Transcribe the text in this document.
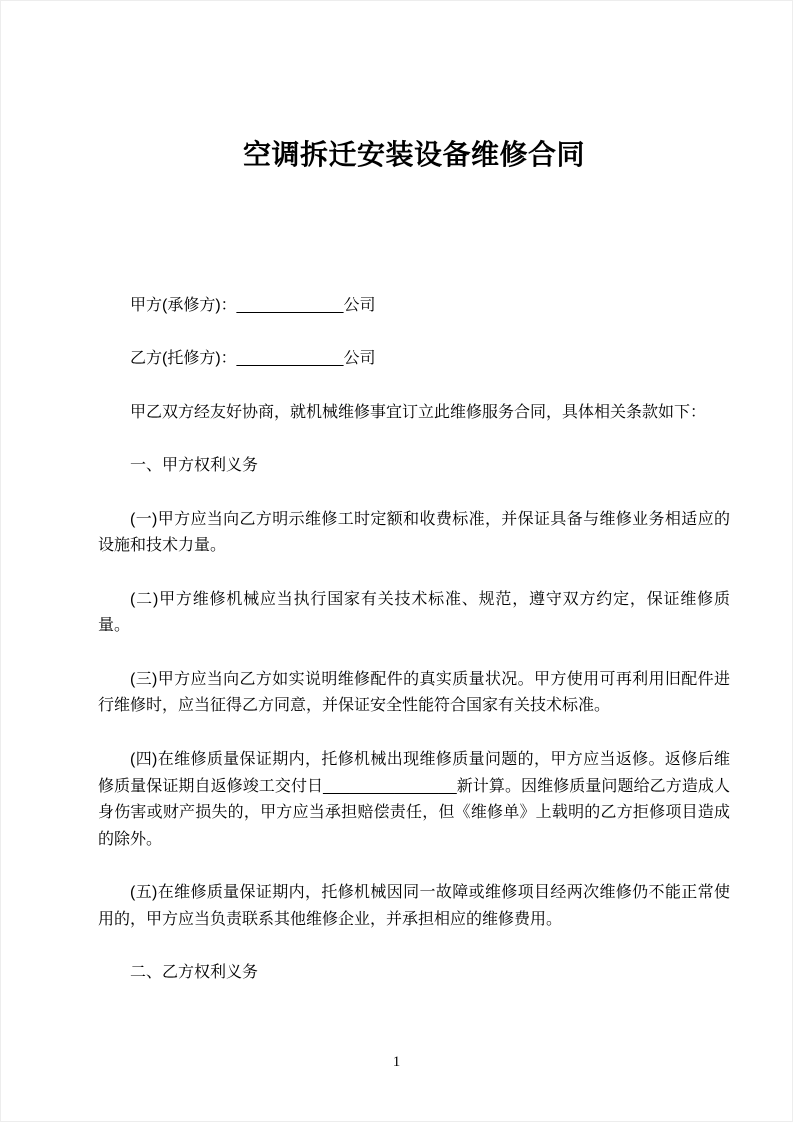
空调拆迁安装设备维修合同

甲方(承修方)：____________公司

乙方(托修方)：____________公司

甲乙双方经友好协商，就机械维修事宜订立此维修服务合同，具体相关条款如下：

一、甲方权利义务

(一)甲方应当向乙方明示维修工时定额和收费标准，并保证具备与维修业务相适应的设施和技术力量。

(二)甲方维修机械应当执行国家有关技术标准、规范，遵守双方约定，保证维修质量。

(三)甲方应当向乙方如实说明维修配件的真实质量状况。甲方使用可再利用旧配件进行维修时，应当征得乙方同意，并保证安全性能符合国家有关技术标准。

(四)在维修质量保证期内，托修机械出现维修质量问题的，甲方应当返修。返修后维修质量保证期自返修竣工交付日_______________新计算。因维修质量问题给乙方造成人身伤害或财产损失的，甲方应当承担赔偿责任，但《维修单》上载明的乙方拒修项目造成的除外。

(五)在维修质量保证期内，托修机械因同一故障或维修项目经两次维修仍不能正常使用的，甲方应当负责联系其他维修企业，并承担相应的维修费用。

二、乙方权利义务

1
